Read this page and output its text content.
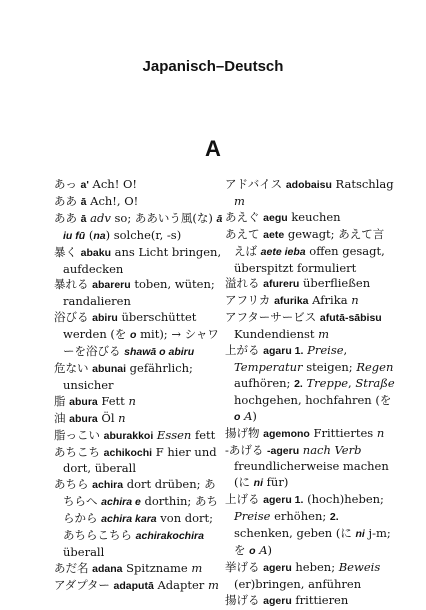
Japanisch–Deutsch
A
あっ a' Ach! O!
ああ ā Ach!, O!
ああ ā adv so; ああいう風(な) ā iu fū (na) solche(r, -s)
暴く abaku ans Licht bringen, aufdecken
暴れる abareru toben, wüten; randalieren
浴びる abiru überschüttet werden (を o mit); → シャワーを浴びる shawā o abiru
危ない abunai gefährlich; unsicher
脂 abura Fett n
油 abura Öl n
脂っこい aburakkoi Essen fett
あちこち achikochi F hier und dort, überall
あちら achira dort drüben; あちらへ achira e dorthin; あちらから achira kara von dort; あちらこちら achirakochira überall
あだ名 adana Spitzname m
アダプター adaputā Adapter m
アドバイス adobaisu Ratschlag m
あえぐ aegu keuchen
あえて aete gewagt; あえて言えば aete ieba offen gesagt, überspitzt formuliert
溢れる afureru überfließen
アフリカ afurika Afrika n
アフターサービス afutā-sābisu Kundendienst m
上がる agaru 1. Preise, Temperatur steigen; Regen aufhören; 2. Treppe, Straße hochgehen, hochfahren (を o A)
揚げ物 agemono Frittiertes n
-あげる -ageru nach Verb freundlicherweise machen (に ni für)
上げる ageru 1. (hoch)heben; Preise erhöhen; 2. schenken, geben (に ni j-m; を o A)
挙げる ageru heben; Beweis (er)bringen, anführen
揚げる ageru frittieren
